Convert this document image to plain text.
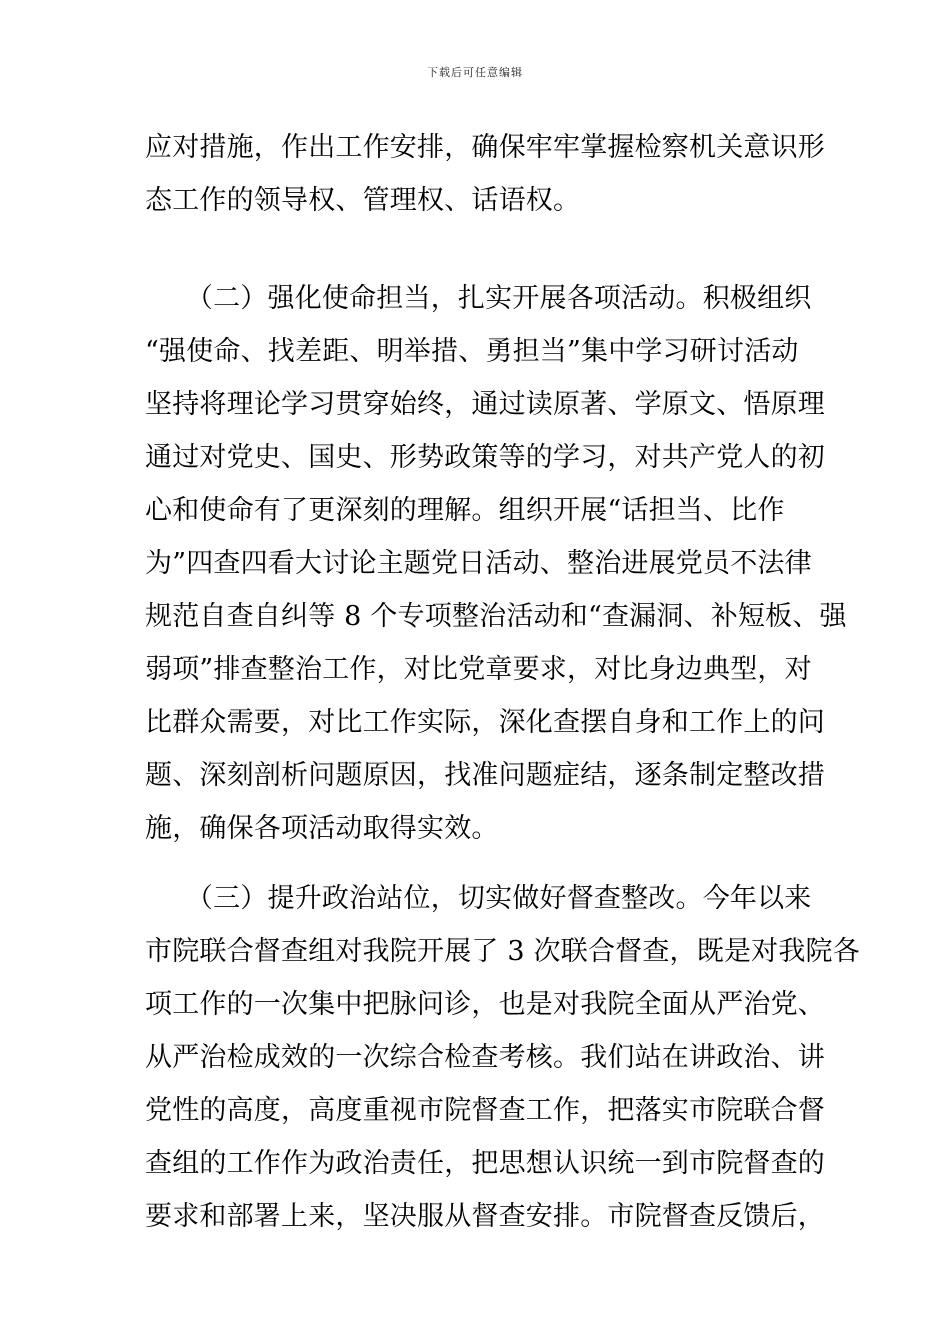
下载后可任意编辑
应对措施，作出工作安排，确保牢牢掌握检察机关意识形
态工作的领导权、管理权、话语权。
　　（二）强化使命担当，扎实开展各项活动。积极组织
“强使命、找差距、明举措、勇担当”集中学习研讨活动
坚持将理论学习贯穿始终，通过读原著、学原文、悟原理
通过对党史、国史、形势政策等的学习，对共产党人的初
心和使命有了更深刻的理解。组织开展“话担当、比作
为”四查四看大讨论主题党日活动、整治进展党员不法律
规范自查自纠等 8 个专项整治活动和“查漏洞、补短板、强
弱项”排查整治工作，对比党章要求，对比身边典型，对
比群众需要，对比工作实际，深化查摆自身和工作上的问
题、深刻剖析问题原因，找准问题症结，逐条制定整改措
施，确保各项活动取得实效。
　　（三）提升政治站位，切实做好督查整改。今年以来
市院联合督查组对我院开展了 3 次联合督查，既是对我院各
项工作的一次集中把脉问诊，也是对我院全面从严治党、
从严治检成效的一次综合检查考核。我们站在讲政治、讲
党性的高度，高度重视市院督查工作，把落实市院联合督
查组的工作作为政治责任，把思想认识统一到市院督查的
要求和部署上来，坚决服从督查安排。市院督查反馈后，
